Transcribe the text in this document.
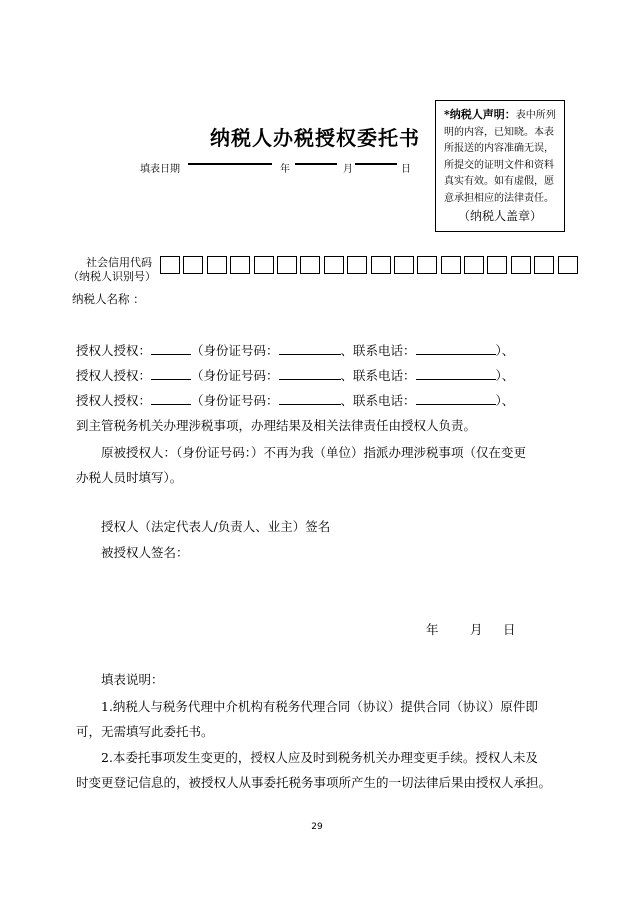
纳税人办税授权委托书
填表日期	年	月	日
*纳税人声明：表中所列明的内容，已知晓。本表所报送的内容准确无误，所提交的证明文件和资料真实有效。如有虚假，愿意承担相应的法律责任。
（纳税人盖章）
社会信用代码
（纳税人识别号）
纳税人名称 ：
授权人授权：	（身份证号码：	、联系电话：	）、
授权人授权：	（身份证号码：	、联系电话：	）、
授权人授权：	（身份证号码：	、联系电话：	）、
到主管税务机关办理涉税事项，办理结果及相关法律责任由授权人负责。
原被授权人：（身份证号码：）不再为我（单位）指派办理涉税事项（仅在变更
办税人员时填写）。
授权人（法定代表人/负责人、业主）签名
被授权人签名：
年	月 日
填表说明：
1.纳税人与税务代理中介机构有税务代理合同（协议）提供合同（协议）原件即
可，无需填写此委托书。
2.本委托事项发生变更的，授权人应及时到税务机关办理变更手续。授权人未及
时变更登记信息的，被授权人从事委托税务事项所产生的一切法律后果由授权人承担。
29
